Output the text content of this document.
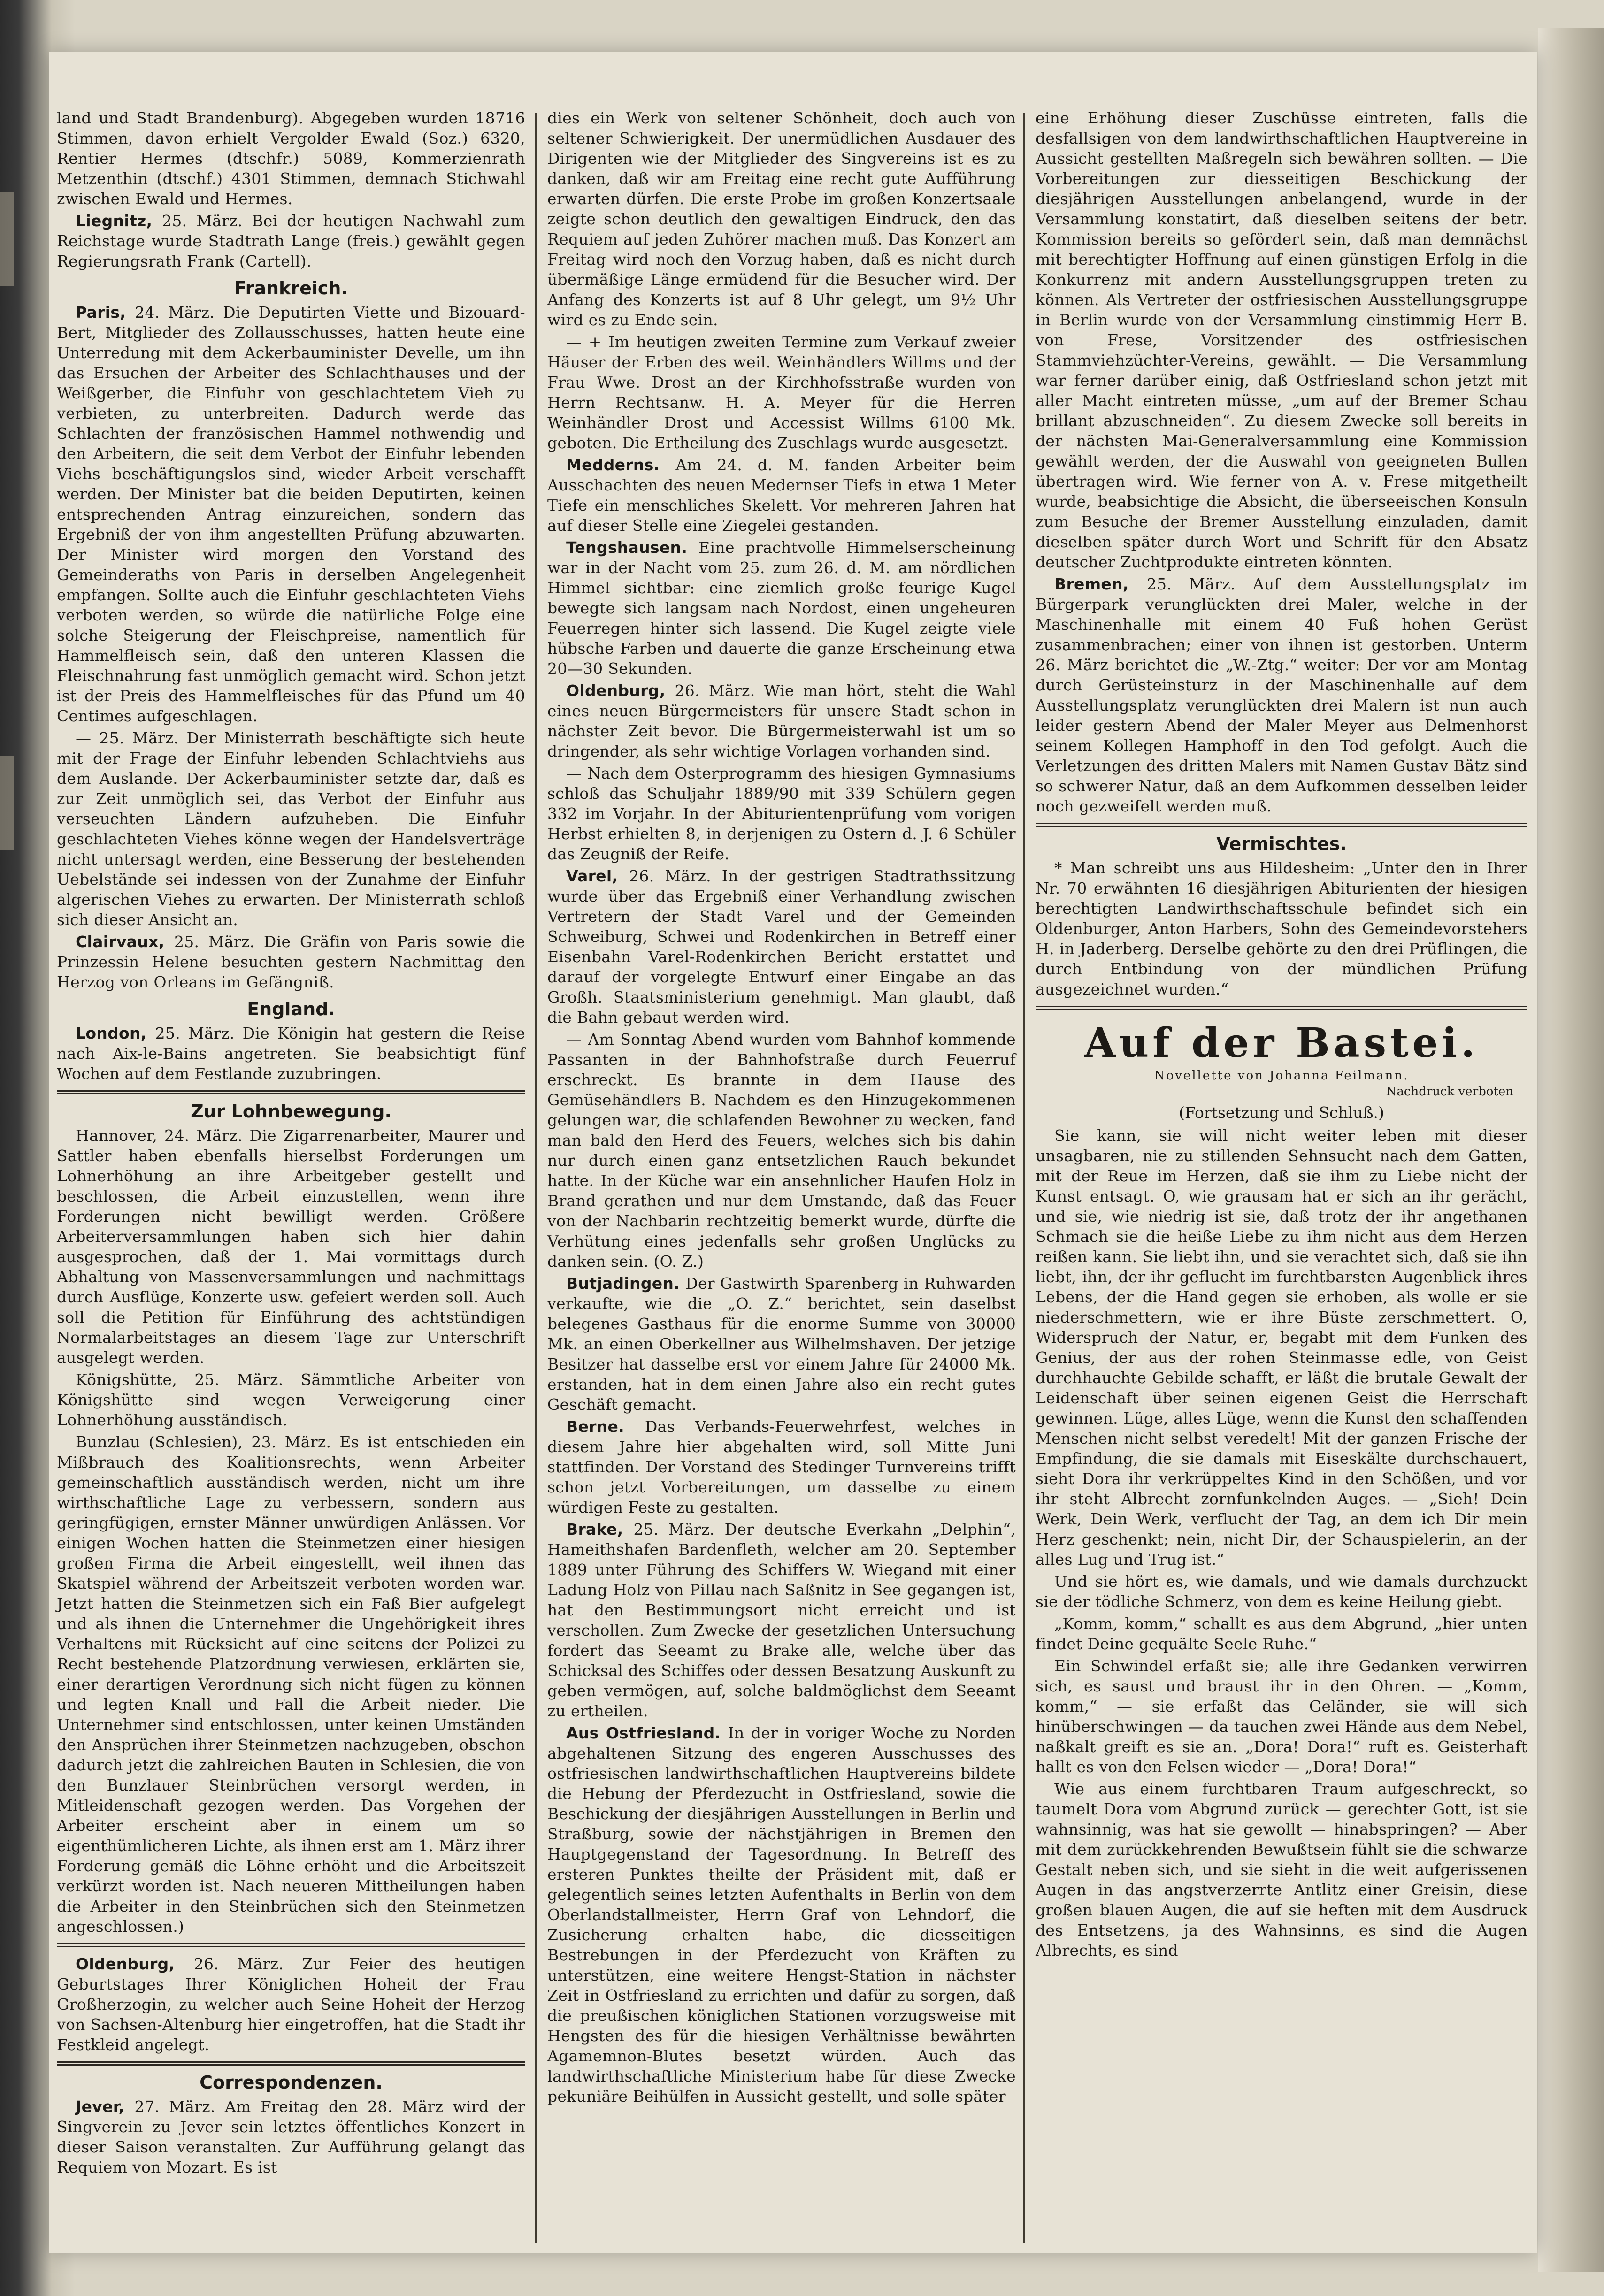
land und Stadt Brandenburg). Abgegeben wurden 18716 Stimmen, davon erhielt Vergolder Ewald (Soz.) 6320, Rentier Hermes (dtschfr.) 5089, Kommerzienrath Metzenthin (dtschf.) 4301 Stimmen, demnach Stichwahl zwischen Ewald und Hermes.

Liegnitz, 25. März. Bei der heutigen Nachwahl zum Reichstage wurde Stadtrath Lange (freis.) gewählt gegen Regierungsrath Frank (Cartell).

Frankreich.

Paris, 24. März. Die Deputirten Viette und Bizouard-Bert, Mitglieder des Zollausschusses, hatten heute eine Unterredung mit dem Ackerbauminister Develle, um ihn das Ersuchen der Arbeiter des Schlachthauses und der Weißgerber, die Einfuhr von geschlachtetem Vieh zu verbieten, zu unterbreiten. Dadurch werde das Schlachten der französischen Hammel nothwendig und den Arbeitern, die seit dem Verbot der Einfuhr lebenden Viehs beschäftigungslos sind, wieder Arbeit verschafft werden. Der Minister bat die beiden Deputirten, keinen entsprechenden Antrag einzureichen, sondern das Ergebniß der von ihm angestellten Prüfung abzuwarten. Der Minister wird morgen den Vorstand des Gemeinderaths von Paris in derselben Angelegenheit empfangen. Sollte auch die Einfuhr geschlachteten Viehs verboten werden, so würde die natürliche Folge eine solche Steigerung der Fleischpreise, namentlich für Hammelfleisch sein, daß den unteren Klassen die Fleischnahrung fast unmöglich gemacht wird. Schon jetzt ist der Preis des Hammelfleisches für das Pfund um 40 Centimes aufgeschlagen.

— 25. März. Der Ministerrath beschäftigte sich heute mit der Frage der Einfuhr lebenden Schlachtviehs aus dem Auslande. Der Ackerbauminister setzte dar, daß es zur Zeit unmöglich sei, das Verbot der Einfuhr aus verseuchten Ländern aufzuheben. Die Einfuhr geschlachteten Viehes könne wegen der Handelsverträge nicht untersagt werden, eine Besserung der bestehenden Uebelstände sei indessen von der Zunahme der Einfuhr algerischen Viehes zu erwarten. Der Ministerrath schloß sich dieser Ansicht an.

Clairvaux, 25. März. Die Gräfin von Paris sowie die Prinzessin Helene besuchten gestern Nachmittag den Herzog von Orleans im Gefängniß.

England.

London, 25. März. Die Königin hat gestern die Reise nach Aix-le-Bains angetreten. Sie beabsichtigt fünf Wochen auf dem Festlande zuzubringen.

Zur Lohnbewegung.

Hannover, 24. März. Die Zigarrenarbeiter, Maurer und Sattler haben ebenfalls hierselbst Forderungen um Lohnerhöhung an ihre Arbeitgeber gestellt und beschlossen, die Arbeit einzustellen, wenn ihre Forderungen nicht bewilligt werden. Größere Arbeiterversammlungen haben sich hier dahin ausgesprochen, daß der 1. Mai vormittags durch Abhaltung von Massenversammlungen und nachmittags durch Ausflüge, Konzerte usw. gefeiert werden soll. Auch soll die Petition für Einführung des achtstündigen Normalarbeitstages an diesem Tage zur Unterschrift ausgelegt werden.

Königshütte, 25. März. Sämmtliche Arbeiter von Königshütte sind wegen Verweigerung einer Lohnerhöhung ausständisch.

Bunzlau (Schlesien), 23. März. Es ist entschieden ein Mißbrauch des Koalitionsrechts, wenn Arbeiter gemeinschaftlich ausständisch werden, nicht um ihre wirthschaftliche Lage zu verbessern, sondern aus geringfügigen, ernster Männer unwürdigen Anlässen. Vor einigen Wochen hatten die Steinmetzen einer hiesigen großen Firma die Arbeit eingestellt, weil ihnen das Skatspiel während der Arbeitszeit verboten worden war. Jetzt hatten die Steinmetzen sich ein Faß Bier aufgelegt und als ihnen die Unternehmer die Ungehörigkeit ihres Verhaltens mit Rücksicht auf eine seitens der Polizei zu Recht bestehende Platzordnung verwiesen, erklärten sie, einer derartigen Verordnung sich nicht fügen zu können und legten Knall und Fall die Arbeit nieder. Die Unternehmer sind entschlossen, unter keinen Umständen den Ansprüchen ihrer Steinmetzen nachzugeben, obschon dadurch jetzt die zahlreichen Bauten in Schlesien, die von den Bunzlauer Steinbrüchen versorgt werden, in Mitleidenschaft gezogen werden. Das Vorgehen der Arbeiter erscheint aber in einem um so eigenthümlicheren Lichte, als ihnen erst am 1. März ihrer Forderung gemäß die Löhne erhöht und die Arbeitszeit verkürzt worden ist. Nach neueren Mittheilungen haben die Arbeiter in den Steinbrüchen sich den Steinmetzen angeschlossen.)

Oldenburg, 26. März. Zur Feier des heutigen Geburtstages Ihrer Königlichen Hoheit der Frau Großherzogin, zu welcher auch Seine Hoheit der Herzog von Sachsen-Altenburg hier eingetroffen, hat die Stadt ihr Festkleid angelegt.

Correspondenzen.

Jever, 27. März. Am Freitag den 28. März wird der Singverein zu Jever sein letztes öffentliches Konzert in dieser Saison veranstalten. Zur Aufführung gelangt das Requiem von Mozart. Es ist

dies ein Werk von seltener Schönheit, doch auch von seltener Schwierigkeit. Der unermüdlichen Ausdauer des Dirigenten wie der Mitglieder des Singvereins ist es zu danken, daß wir am Freitag eine recht gute Aufführung erwarten dürfen. Die erste Probe im großen Konzertsaale zeigte schon deutlich den gewaltigen Eindruck, den das Requiem auf jeden Zuhörer machen muß. Das Konzert am Freitag wird noch den Vorzug haben, daß es nicht durch übermäßige Länge ermüdend für die Besucher wird. Der Anfang des Konzerts ist auf 8 Uhr gelegt, um 9½ Uhr wird es zu Ende sein.

— + Im heutigen zweiten Termine zum Verkauf zweier Häuser der Erben des weil. Weinhändlers Willms und der Frau Wwe. Drost an der Kirchhofsstraße wurden von Herrn Rechtsanw. H. A. Meyer für die Herren Weinhändler Drost und Accessist Willms 6100 Mk. geboten. Die Ertheilung des Zuschlags wurde ausgesetzt.

Medderns. Am 24. d. M. fanden Arbeiter beim Ausschachten des neuen Medernser Tiefs in etwa 1 Meter Tiefe ein menschliches Skelett. Vor mehreren Jahren hat auf dieser Stelle eine Ziegelei gestanden.

Tengshausen. Eine prachtvolle Himmelserscheinung war in der Nacht vom 25. zum 26. d. M. am nördlichen Himmel sichtbar: eine ziemlich große feurige Kugel bewegte sich langsam nach Nordost, einen ungeheuren Feuerregen hinter sich lassend. Die Kugel zeigte viele hübsche Farben und dauerte die ganze Erscheinung etwa 20—30 Sekunden.

Oldenburg, 26. März. Wie man hört, steht die Wahl eines neuen Bürgermeisters für unsere Stadt schon in nächster Zeit bevor. Die Bürgermeisterwahl ist um so dringender, als sehr wichtige Vorlagen vorhanden sind.

— Nach dem Osterprogramm des hiesigen Gymnasiums schloß das Schuljahr 1889/90 mit 339 Schülern gegen 332 im Vorjahr. In der Abiturientenprüfung vom vorigen Herbst erhielten 8, in derjenigen zu Ostern d. J. 6 Schüler das Zeugniß der Reife.

Varel, 26. März. In der gestrigen Stadtrathssitzung wurde über das Ergebniß einer Verhandlung zwischen Vertretern der Stadt Varel und der Gemeinden Schweiburg, Schwei und Rodenkirchen in Betreff einer Eisenbahn Varel-Rodenkirchen Bericht erstattet und darauf der vorgelegte Entwurf einer Eingabe an das Großh. Staatsministerium genehmigt. Man glaubt, daß die Bahn gebaut werden wird.

— Am Sonntag Abend wurden vom Bahnhof kommende Passanten in der Bahnhofstraße durch Feuerruf erschreckt. Es brannte in dem Hause des Gemüsehändlers B. Nachdem es den Hinzugekommenen gelungen war, die schlafenden Bewohner zu wecken, fand man bald den Herd des Feuers, welches sich bis dahin nur durch einen ganz entsetzlichen Rauch bekundet hatte. In der Küche war ein ansehnlicher Haufen Holz in Brand gerathen und nur dem Umstande, daß das Feuer von der Nachbarin rechtzeitig bemerkt wurde, dürfte die Verhütung eines jedenfalls sehr großen Unglücks zu danken sein. (O. Z.)

Butjadingen. Der Gastwirth Sparenberg in Ruhwarden verkaufte, wie die „O. Z.“ berichtet, sein daselbst belegenes Gasthaus für die enorme Summe von 30000 Mk. an einen Oberkellner aus Wilhelmshaven. Der jetzige Besitzer hat dasselbe erst vor einem Jahre für 24000 Mk. erstanden, hat in dem einen Jahre also ein recht gutes Geschäft gemacht.

Berne. Das Verbands-Feuerwehrfest, welches in diesem Jahre hier abgehalten wird, soll Mitte Juni stattfinden. Der Vorstand des Stedinger Turnvereins trifft schon jetzt Vorbereitungen, um dasselbe zu einem würdigen Feste zu gestalten.

Brake, 25. März. Der deutsche Everkahn „Delphin“, Hameithshafen Bardenfleth, welcher am 20. September 1889 unter Führung des Schiffers W. Wiegand mit einer Ladung Holz von Pillau nach Saßnitz in See gegangen ist, hat den Bestimmungsort nicht erreicht und ist verschollen. Zum Zwecke der gesetzlichen Untersuchung fordert das Seeamt zu Brake alle, welche über das Schicksal des Schiffes oder dessen Besatzung Auskunft zu geben vermögen, auf, solche baldmöglichst dem Seeamt zu ertheilen.

Aus Ostfriesland. In der in voriger Woche zu Norden abgehaltenen Sitzung des engeren Ausschusses des ostfriesischen landwirthschaftlichen Hauptvereins bildete die Hebung der Pferdezucht in Ostfriesland, sowie die Beschickung der diesjährigen Ausstellungen in Berlin und Straßburg, sowie der nächstjährigen in Bremen den Hauptgegenstand der Tagesordnung. In Betreff des ersteren Punktes theilte der Präsident mit, daß er gelegentlich seines letzten Aufenthalts in Berlin von dem Oberlandstallmeister, Herrn Graf von Lehndorf, die Zusicherung erhalten habe, die diesseitigen Bestrebungen in der Pferdezucht von Kräften zu unterstützen, eine weitere Hengst-Station in nächster Zeit in Ostfriesland zu errichten und dafür zu sorgen, daß die preußischen königlichen Stationen vorzugsweise mit Hengsten des für die hiesigen Verhältnisse bewährten Agamemnon-Blutes besetzt würden. Auch das landwirthschaftliche Ministerium habe für diese Zwecke pekuniäre Beihülfen in Aussicht gestellt, und solle später

eine Erhöhung dieser Zuschüsse eintreten, falls die desfallsigen von dem landwirthschaftlichen Hauptvereine in Aussicht gestellten Maßregeln sich bewähren sollten. — Die Vorbereitungen zur diesseitigen Beschickung der diesjährigen Ausstellungen anbelangend, wurde in der Versammlung konstatirt, daß dieselben seitens der betr. Kommission bereits so gefördert sein, daß man demnächst mit berechtigter Hoffnung auf einen günstigen Erfolg in die Konkurrenz mit andern Ausstellungsgruppen treten zu können. Als Vertreter der ostfriesischen Ausstellungsgruppe in Berlin wurde von der Versammlung einstimmig Herr B. von Frese, Vorsitzender des ostfriesischen Stammviehzüchter-Vereins, gewählt. — Die Versammlung war ferner darüber einig, daß Ostfriesland schon jetzt mit aller Macht eintreten müsse, „um auf der Bremer Schau brillant abzuschneiden“. Zu diesem Zwecke soll bereits in der nächsten Mai-Generalversammlung eine Kommission gewählt werden, der die Auswahl von geeigneten Bullen übertragen wird. Wie ferner von A. v. Frese mitgetheilt wurde, beabsichtige die Absicht, die überseeischen Konsuln zum Besuche der Bremer Ausstellung einzuladen, damit dieselben später durch Wort und Schrift für den Absatz deutscher Zuchtprodukte eintreten könnten.

Bremen, 25. März. Auf dem Ausstellungsplatz im Bürgerpark verunglückten drei Maler, welche in der Maschinenhalle mit einem 40 Fuß hohen Gerüst zusammenbrachen; einer von ihnen ist gestorben. Unterm 26. März berichtet die „W.-Ztg.“ weiter: Der vor am Montag durch Gerüsteinsturz in der Maschinenhalle auf dem Ausstellungsplatz verunglückten drei Malern ist nun auch leider gestern Abend der Maler Meyer aus Delmenhorst seinem Kollegen Hamphoff in den Tod gefolgt. Auch die Verletzungen des dritten Malers mit Namen Gustav Bätz sind so schwerer Natur, daß an dem Aufkommen desselben leider noch gezweifelt werden muß.

Vermischtes.

* Man schreibt uns aus Hildesheim: „Unter den in Ihrer Nr. 70 erwähnten 16 diesjährigen Abiturienten der hiesigen berechtigten Landwirthschaftsschule befindet sich ein Oldenburger, Anton Harbers, Sohn des Gemeindevorstehers H. in Jaderberg. Derselbe gehörte zu den drei Prüflingen, die durch Entbindung von der mündlichen Prüfung ausgezeichnet wurden.“

Auf der Bastei.
Novellette von Johanna Feilmann.
Nachdruck verboten
(Fortsetzung und Schluß.)

Sie kann, sie will nicht weiter leben mit dieser unsagbaren, nie zu stillenden Sehnsucht nach dem Gatten, mit der Reue im Herzen, daß sie ihm zu Liebe nicht der Kunst entsagt. O, wie grausam hat er sich an ihr gerächt, und sie, wie niedrig ist sie, daß trotz der ihr angethanen Schmach sie die heiße Liebe zu ihm nicht aus dem Herzen reißen kann. Sie liebt ihn, und sie verachtet sich, daß sie ihn liebt, ihn, der ihr geflucht im furchtbarsten Augenblick ihres Lebens, der die Hand gegen sie erhoben, als wolle er sie niederschmettern, wie er ihre Büste zerschmettert. O, Widerspruch der Natur, er, begabt mit dem Funken des Genius, der aus der rohen Steinmasse edle, von Geist durchhauchte Gebilde schafft, er läßt die brutale Gewalt der Leidenschaft über seinen eigenen Geist die Herrschaft gewinnen. Lüge, alles Lüge, wenn die Kunst den schaffenden Menschen nicht selbst veredelt! Mit der ganzen Frische der Empfindung, die sie damals mit Eiseskälte durchschauert, sieht Dora ihr verkrüppeltes Kind in den Schößen, und vor ihr steht Albrecht zornfunkelnden Auges. — „Sieh! Dein Werk, Dein Werk, verflucht der Tag, an dem ich Dir mein Herz geschenkt; nein, nicht Dir, der Schauspielerin, an der alles Lug und Trug ist.“

Und sie hört es, wie damals, und wie damals durchzuckt sie der tödliche Schmerz, von dem es keine Heilung giebt.

„Komm, komm,“ schallt es aus dem Abgrund, „hier unten findet Deine gequälte Seele Ruhe.“

Ein Schwindel erfaßt sie; alle ihre Gedanken verwirren sich, es saust und braust ihr in den Ohren. — „Komm, komm,“ — sie erfaßt das Geländer, sie will sich hinüberschwingen — da tauchen zwei Hände aus dem Nebel, naßkalt greift es sie an. „Dora! Dora!“ ruft es. Geisterhaft hallt es von den Felsen wieder — „Dora! Dora!“

Wie aus einem furchtbaren Traum aufgeschreckt, so taumelt Dora vom Abgrund zurück — gerechter Gott, ist sie wahnsinnig, was hat sie gewollt — hinabspringen? — Aber mit dem zurückkehrenden Bewußtsein fühlt sie die schwarze Gestalt neben sich, und sie sieht in die weit aufgerissenen Augen in das angstverzerrte Antlitz einer Greisin, diese großen blauen Augen, die auf sie heften mit dem Ausdruck des Entsetzens, ja des Wahnsinns, es sind die Augen Albrechts, es sind
